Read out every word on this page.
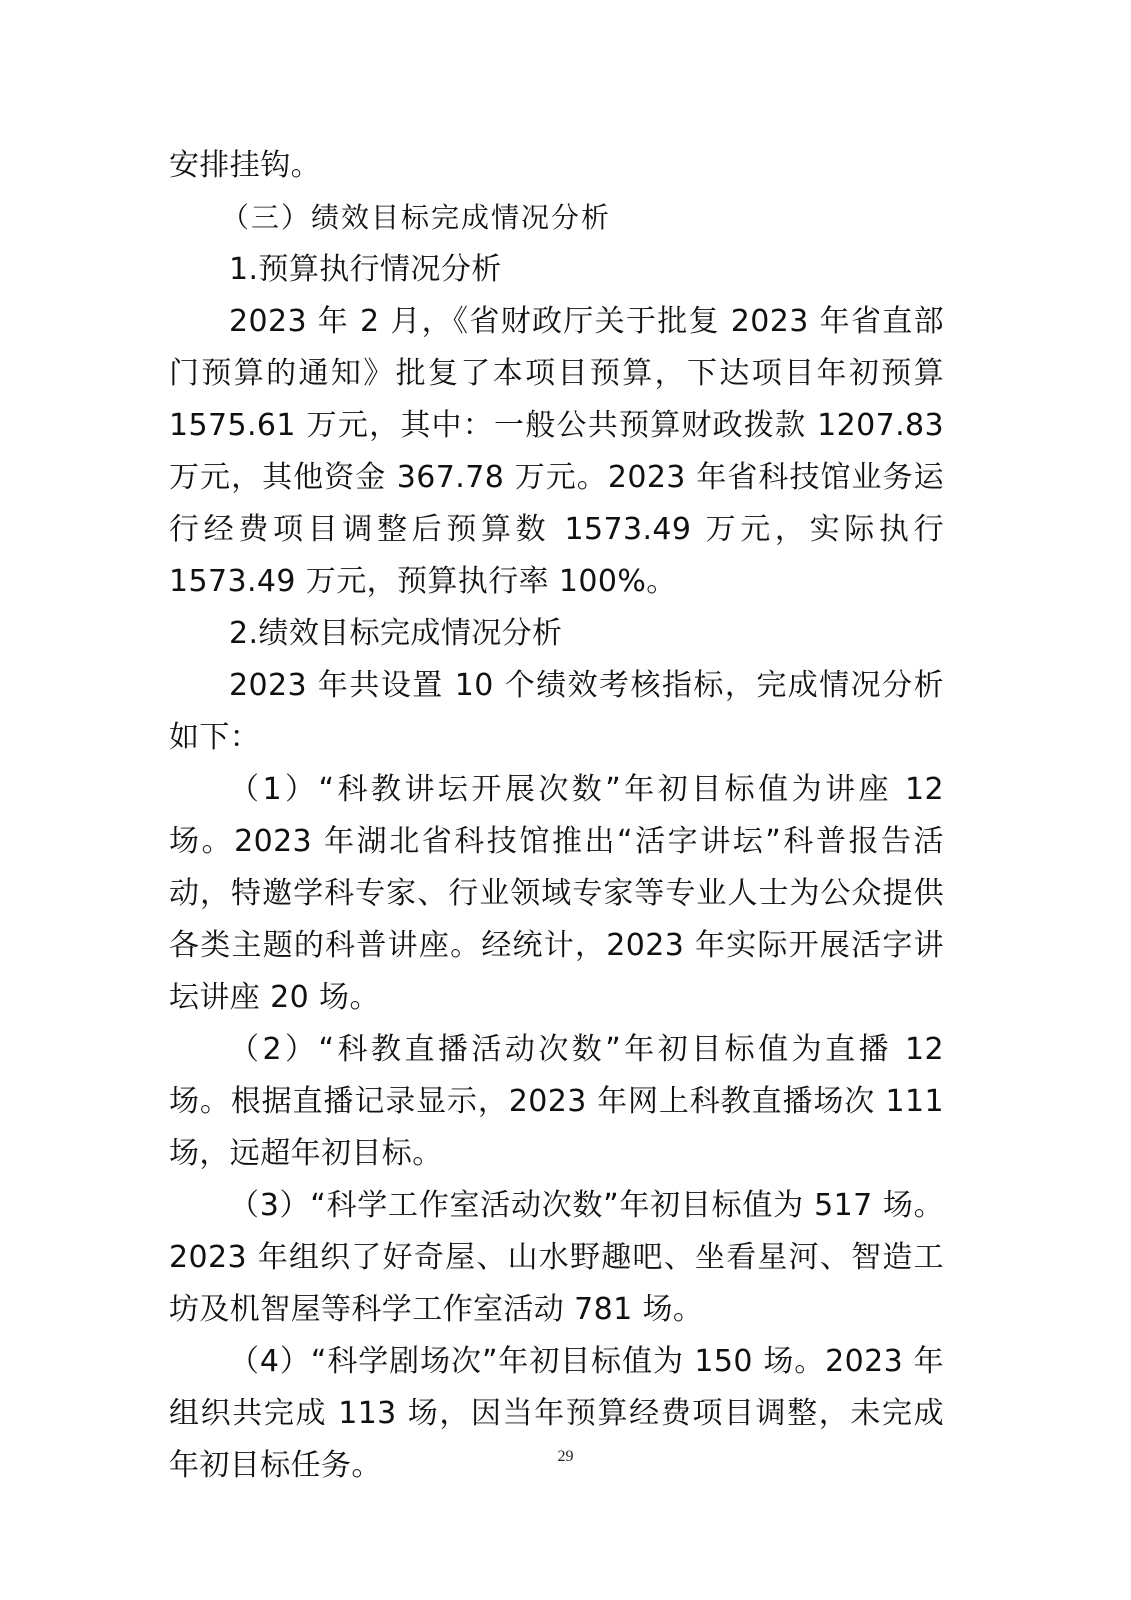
安排挂钩。

（三）绩效目标完成情况分析

1.预算执行情况分析

2023 年 2 月，《省财政厅关于批复 2023 年省直部门预算的通知》批复了本项目预算，下达项目年初预算 1575.61 万元，其中：一般公共预算财政拨款 1207.83 万元，其他资金 367.78 万元。2023 年省科技馆业务运行经费项目调整后预算数 1573.49 万元，实际执行 1573.49 万元，预算执行率 100%。

2.绩效目标完成情况分析

2023 年共设置 10 个绩效考核指标，完成情况分析如下：

（1）“科教讲坛开展次数”年初目标值为讲座 12 场。2023 年湖北省科技馆推出“活字讲坛”科普报告活动，特邀学科专家、行业领域专家等专业人士为公众提供各类主题的科普讲座。经统计，2023 年实际开展活字讲坛讲座 20 场。

（2）“科教直播活动次数”年初目标值为直播 12 场。根据直播记录显示，2023 年网上科教直播场次 111 场，远超年初目标。

（3）“科学工作室活动次数”年初目标值为 517 场。2023 年组织了好奇屋、山水野趣吧、坐看星河、智造工坊及机智屋等科学工作室活动 781 场。

（4）“科学剧场次”年初目标值为 150 场。2023 年组织共完成 113 场，因当年预算经费项目调整，未完成年初目标任务。	29
